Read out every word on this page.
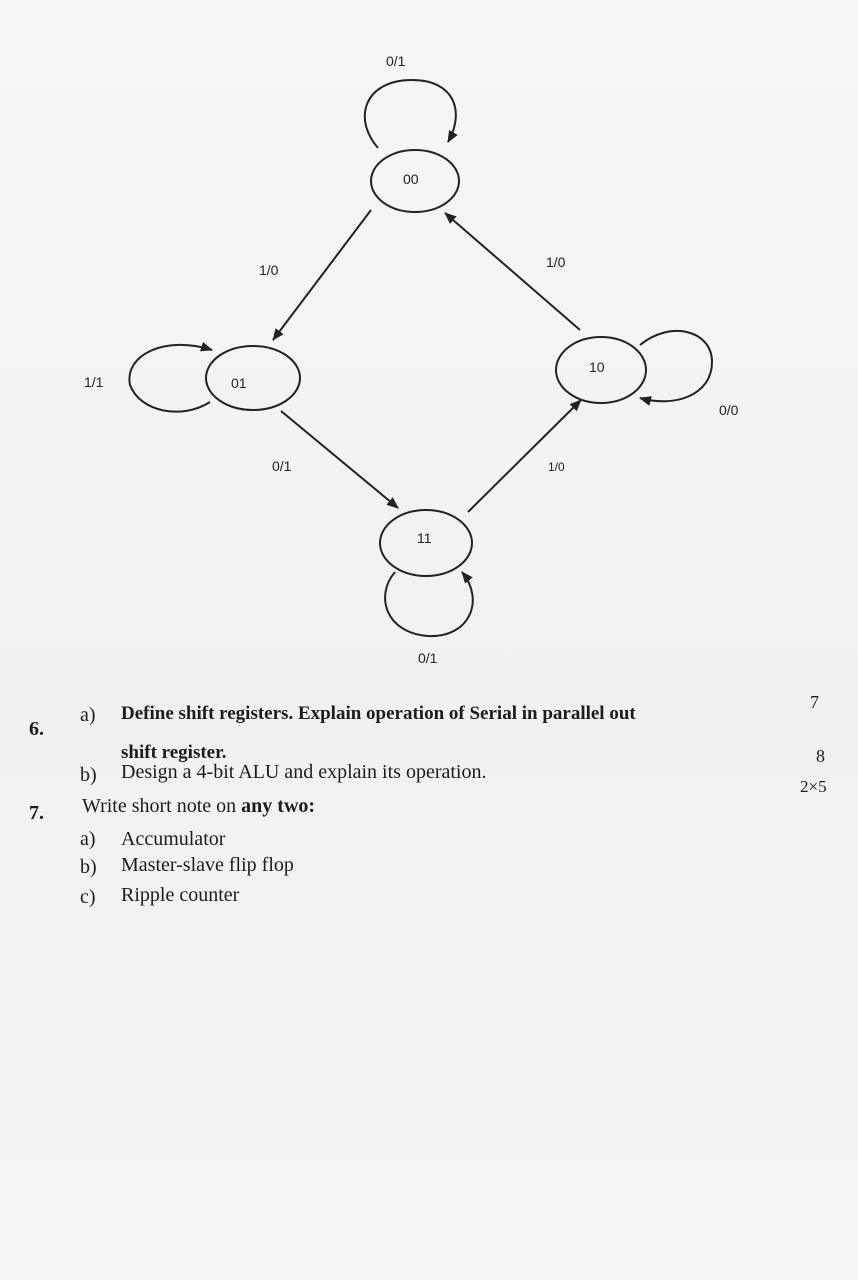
00
0/1
01
1/1
10
0/0
11
0/1
1/0	1/0
0/1	1/0
6.
a) Define shift registers. Explain operation of Serial in parallel out
shift register.
7
b) Design a 4-bit ALU and explain its operation.
8
7. Write short note on any two:
2×5
a) Accumulator
b) Master-slave flip flop
c) Ripple counter
